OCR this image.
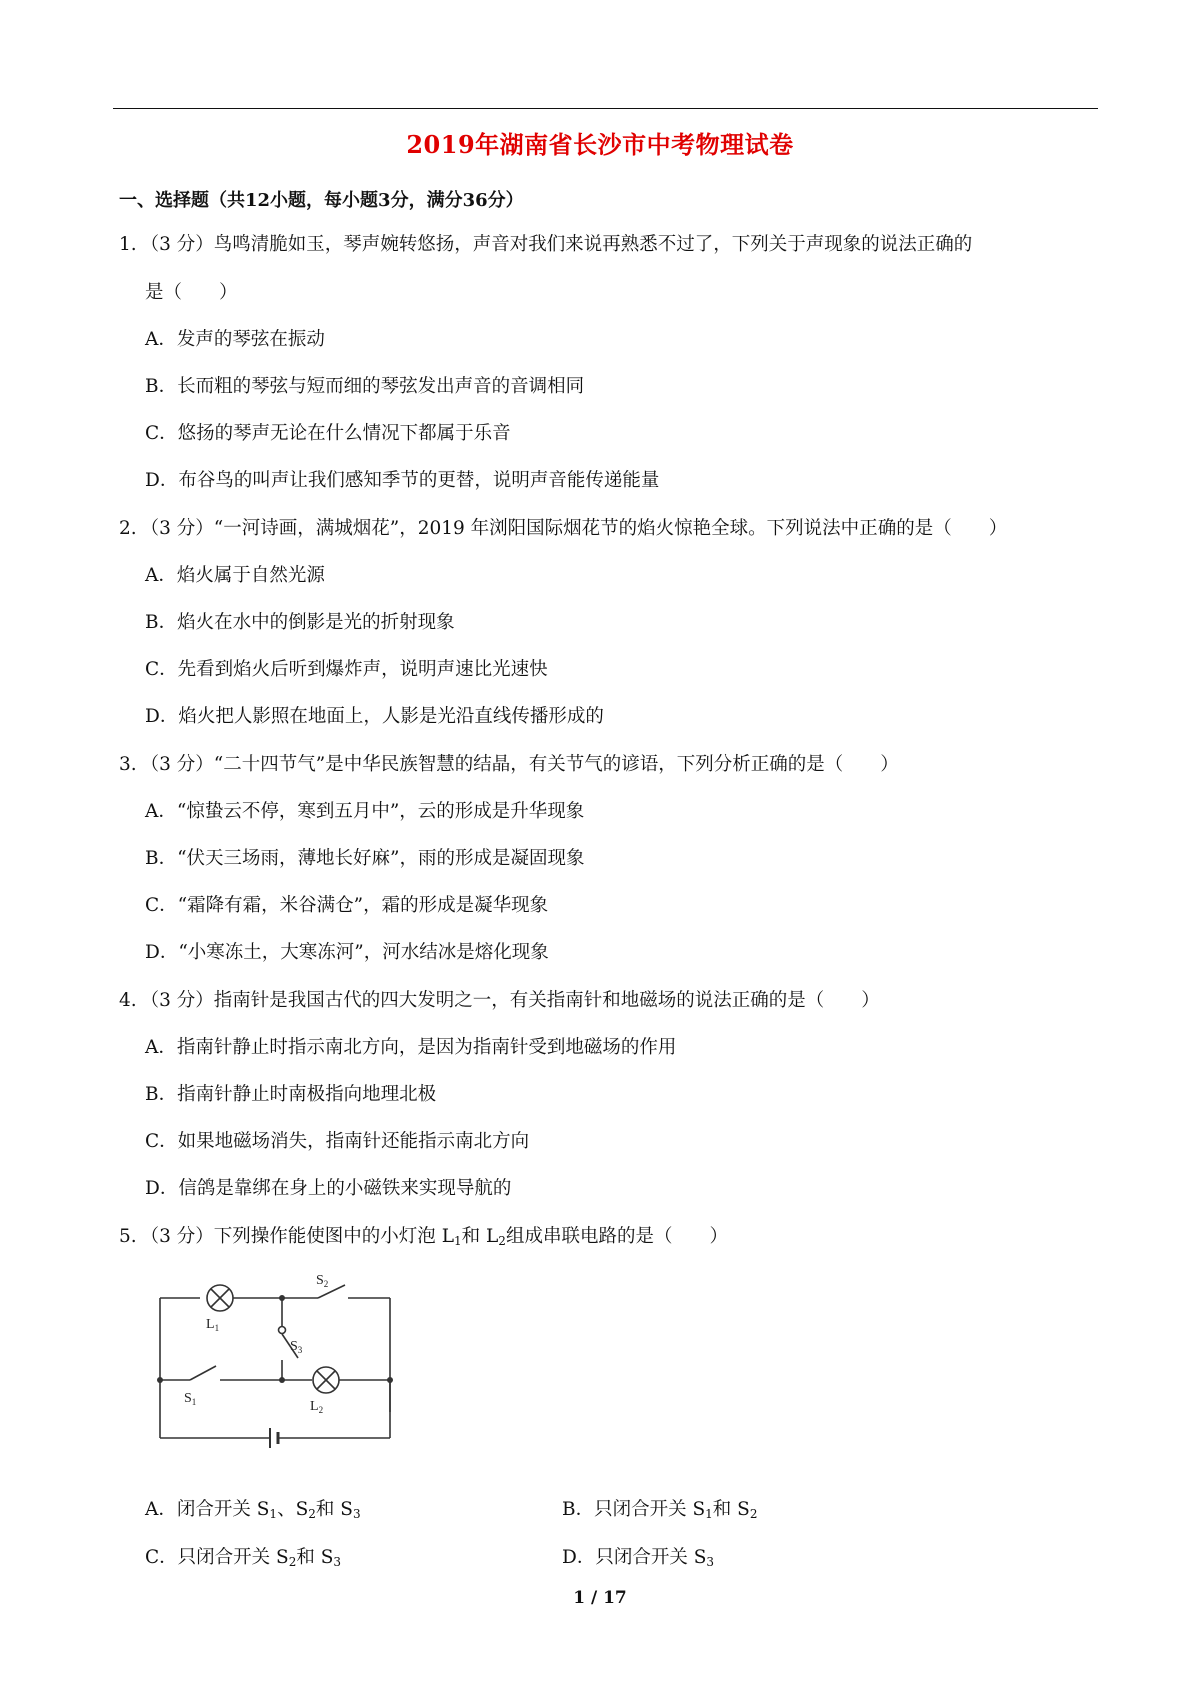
2019年湖南省长沙市中考物理试卷
一、选择题（共12小题，每小题3分，满分36分）
1. （3 分）鸟鸣清脆如玉，琴声婉转悠扬，声音对我们来说再熟悉不过了，下列关于声现象的说法正确的
是（　　）
A．发声的琴弦在振动
B．长而粗的琴弦与短而细的琴弦发出声音的音调相同
C．悠扬的琴声无论在什么情况下都属于乐音
D．布谷鸟的叫声让我们感知季节的更替，说明声音能传递能量
2. （3 分）“一河诗画，满城烟花”，2019 年浏阳国际烟花节的焰火惊艳全球。下列说法中正确的是（　　）
A．焰火属于自然光源
B．焰火在水中的倒影是光的折射现象
C．先看到焰火后听到爆炸声，说明声速比光速快
D．焰火把人影照在地面上，人影是光沿直线传播形成的
3. （3 分）“二十四节气”是中华民族智慧的结晶，有关节气的谚语，下列分析正确的是（　　）
A．“惊蛰云不停，寒到五月中”，云的形成是升华现象
B．“伏天三场雨，薄地长好麻”，雨的形成是凝固现象
C．“霜降有霜，米谷满仓”，霜的形成是凝华现象
D．“小寒冻土，大寒冻河”，河水结冰是熔化现象
4. （3 分）指南针是我国古代的四大发明之一，有关指南针和地磁场的说法正确的是（　　）
A．指南针静止时指示南北方向，是因为指南针受到地磁场的作用
B．指南针静止时南极指向地理北极
C．如果地磁场消失，指南针还能指示南北方向
D．信鸽是靠绑在身上的小磁铁来实现导航的
5. （3 分）下列操作能使图中的小灯泡 $L_1$和 $L_2$组成串联电路的是（　　）
$L_1$
$L_2$
$S_3$
$S_2$
$S_1$
A．闭合开关 $S_1$、$S_2$和 $S_3$	B．只闭合开关 $S_1$和 $S_2$
C．只闭合开关 $S_2$和 $S_3$	D．只闭合开关 $S_3$
1 / 17
